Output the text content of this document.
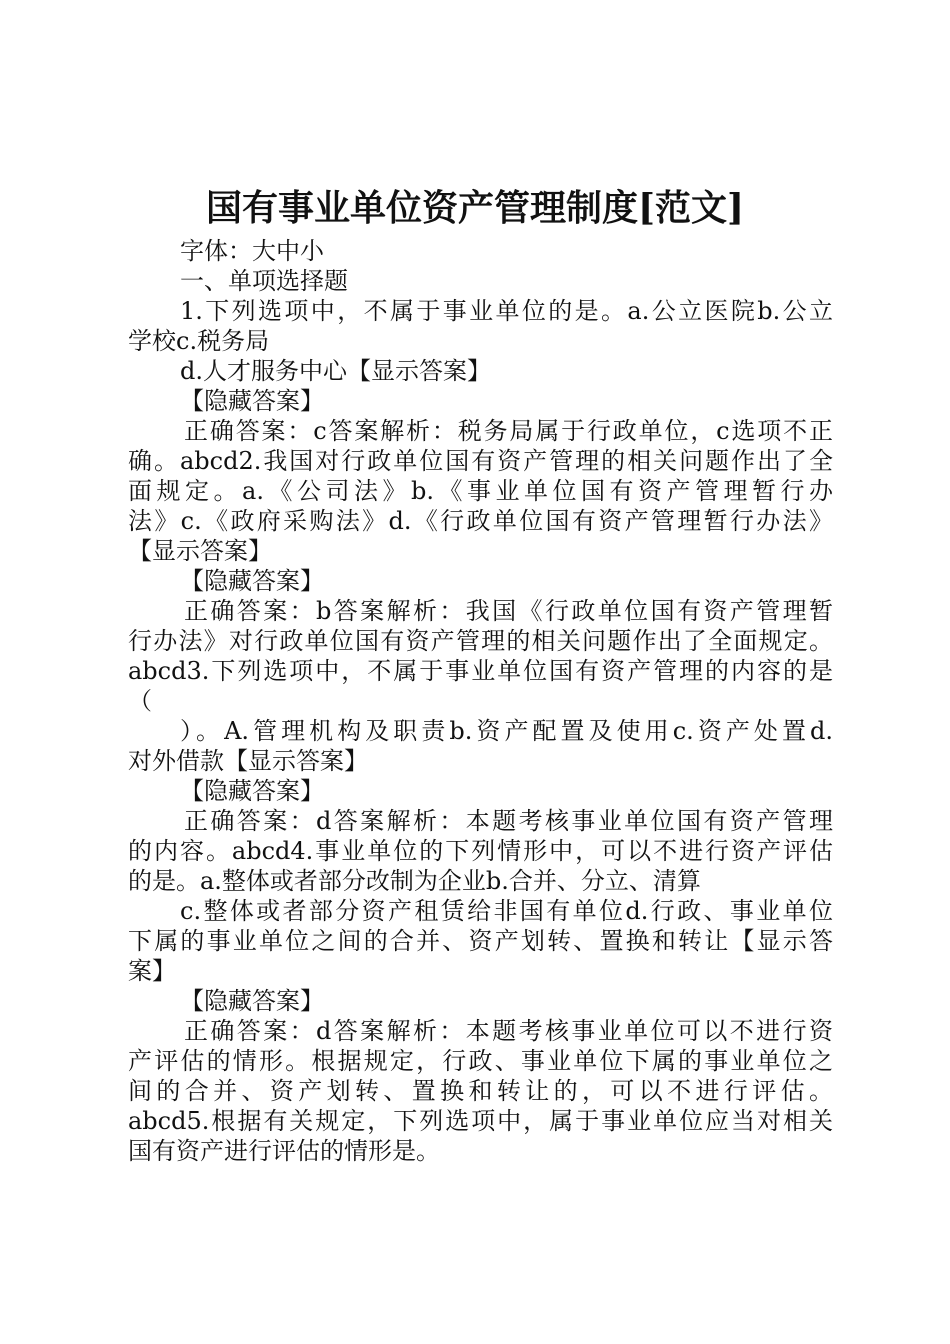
国有事业单位资产管理制度[范文]
字体：大中小
一、单项选择题
1.下列选项中，不属于事业单位的是。a.公立医院b.公立
学校c.税务局
d.人才服务中心【显示答案】
【隐藏答案】
正确答案：c答案解析：税务局属于行政单位，c选项不正
确。abcd2.我国对行政单位国有资产管理的相关问题作出了全
面规定。a.《公司法》b.《事业单位国有资产管理暂行办
法》c.《政府采购法》d.《行政单位国有资产管理暂行办法》
【显示答案】
【隐藏答案】
正确答案：b答案解析：我国《行政单位国有资产管理暂
行办法》对行政单位国有资产管理的相关问题作出了全面规定。
abcd3.下列选项中，不属于事业单位国有资产管理的内容的是
（
）。A.管理机构及职责b.资产配置及使用c.资产处置d.
对外借款【显示答案】
【隐藏答案】
正确答案：d答案解析：本题考核事业单位国有资产管理
的内容。abcd4.事业单位的下列情形中，可以不进行资产评估
的是。a.整体或者部分改制为企业b.合并、分立、清算
c.整体或者部分资产租赁给非国有单位d.行政、事业单位
下属的事业单位之间的合并、资产划转、置换和转让【显示答
案】
【隐藏答案】
正确答案：d答案解析：本题考核事业单位可以不进行资
产评估的情形。根据规定，行政、事业单位下属的事业单位之
间的合并、资产划转、置换和转让的，可以不进行评估。
abcd5.根据有关规定，下列选项中，属于事业单位应当对相关
国有资产进行评估的情形是。
